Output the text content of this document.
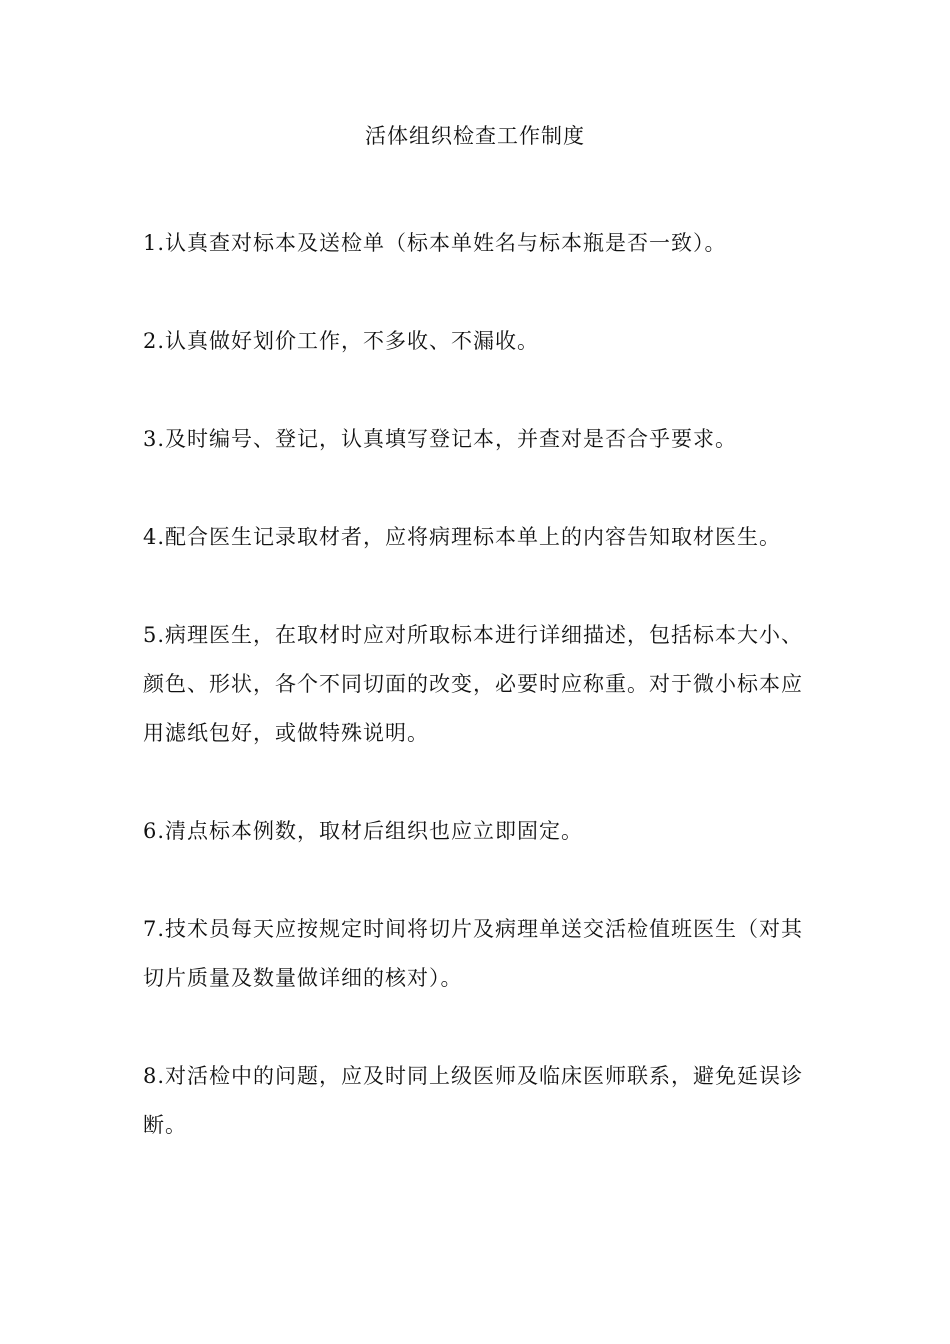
活体组织检查工作制度

1.认真查对标本及送检单（标本单姓名与标本瓶是否一致）。

2.认真做好划价工作，不多收、不漏收。

3.及时编号、登记，认真填写登记本，并查对是否合乎要求。

4.配合医生记录取材者，应将病理标本单上的内容告知取材医生。

5.病理医生，在取材时应对所取标本进行详细描述，包括标本大小、颜色、形状，各个不同切面的改变，必要时应称重。对于微小标本应用滤纸包好，或做特殊说明。

6.清点标本例数，取材后组织也应立即固定。

7.技术员每天应按规定时间将切片及病理单送交活检值班医生（对其切片质量及数量做详细的核对）。

8.对活检中的问题，应及时同上级医师及临床医师联系，避免延误诊断。
